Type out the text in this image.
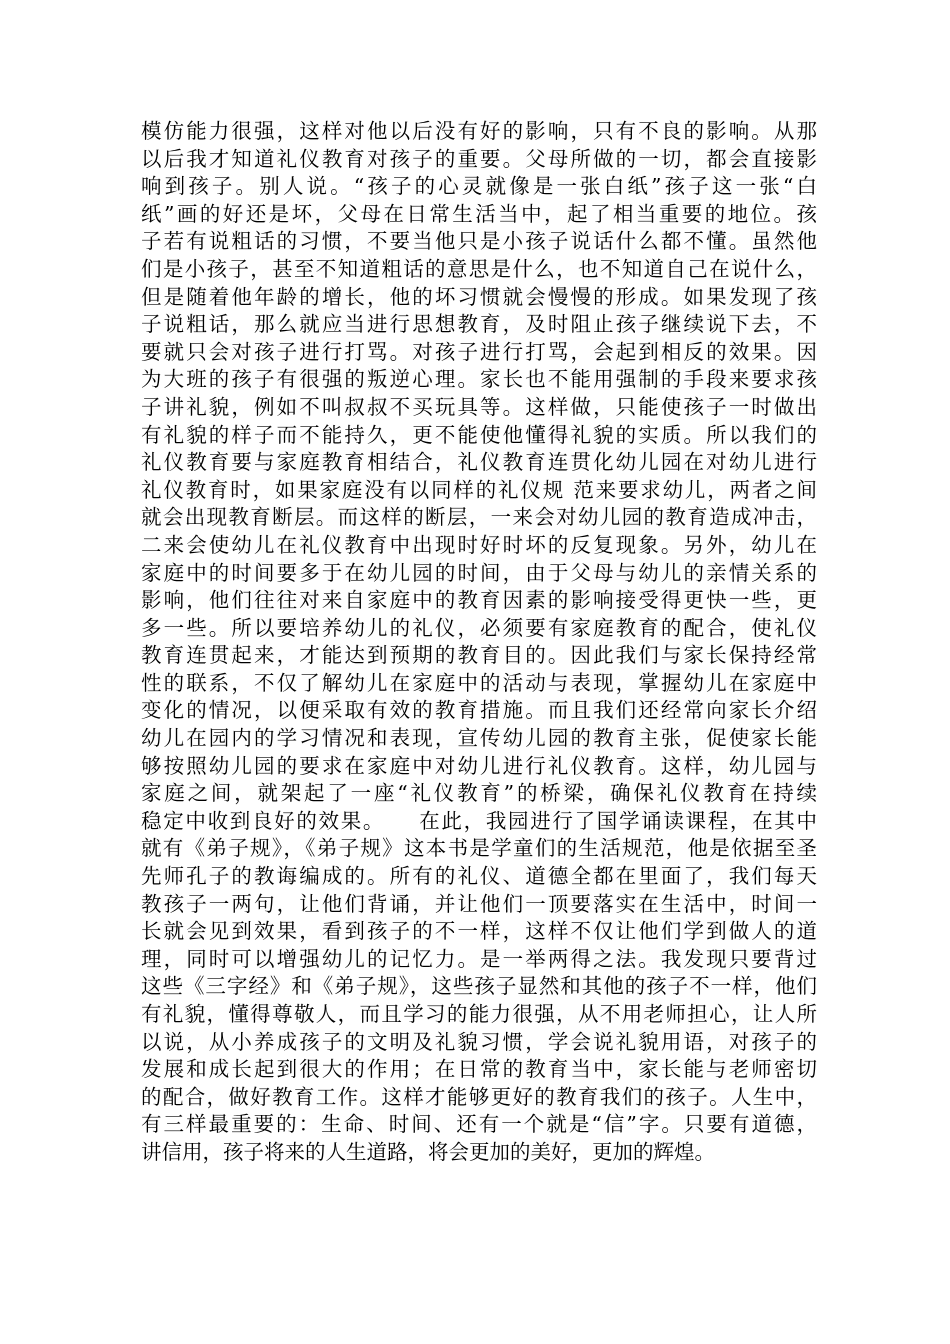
模仿能力很强，这样对他以后没有好的影响，只有不良的影响。从那
以后我才知道礼仪教育对孩子的重要。父母所做的一切，都会直接影
响到孩子。别人说。“孩子的心灵就像是一张白纸”孩子这一张“白
纸”画的好还是坏，父母在日常生活当中，起了相当重要的地位。孩
子若有说粗话的习惯，不要当他只是小孩子说话什么都不懂。虽然他
们是小孩子，甚至不知道粗话的意思是什么，也不知道自己在说什么，
但是随着他年龄的增长，他的坏习惯就会慢慢的形成。如果发现了孩
子说粗话，那么就应当进行思想教育，及时阻止孩子继续说下去，不
要就只会对孩子进行打骂。对孩子进行打骂，会起到相反的效果。因
为大班的孩子有很强的叛逆心理。家长也不能用强制的手段来要求孩
子讲礼貌，例如不叫叔叔不买玩具等。这样做，只能使孩子一时做出
有礼貌的样子而不能持久，更不能使他懂得礼貌的实质。所以我们的
礼仪教育要与家庭教育相结合，礼仪教育连贯化幼儿园在对幼儿进行
礼仪教育时，如果家庭没有以同样的礼仪规 范来要求幼儿，两者之间
就会出现教育断层。而这样的断层，一来会对幼儿园的教育造成冲击，
二来会使幼儿在礼仪教育中出现时好时坏的反复现象。另外，幼儿在
家庭中的时间要多于在幼儿园的时间，由于父母与幼儿的亲情关系的
影响，他们往往对来自家庭中的教育因素的影响接受得更快一些，更
多一些。所以要培养幼儿的礼仪，必须要有家庭教育的配合，使礼仪
教育连贯起来，才能达到预期的教育目的。因此我们与家长保持经常
性的联系，不仅了解幼儿在家庭中的活动与表现，掌握幼儿在家庭中
变化的情况，以便采取有效的教育措施。而且我们还经常向家长介绍
幼儿在园内的学习情况和表现，宣传幼儿园的教育主张，促使家长能
够按照幼儿园的要求在家庭中对幼儿进行礼仪教育。这样，幼儿园与
家庭之间，就架起了一座“礼仪教育”的桥梁，确保礼仪教育在持续
稳定中收到良好的效果。　　在此，我园进行了国学诵读课程，在其中
就有《弟子规》，《弟子规》这本书是学童们的生活规范，他是依据至圣
先师孔子的教诲编成的。所有的礼仪、道德全都在里面了，我们每天
教孩子一两句，让他们背诵，并让他们一顶要落实在生活中，时间一
长就会见到效果，看到孩子的不一样，这样不仅让他们学到做人的道
理，同时可以增强幼儿的记忆力。是一举两得之法。我发现只要背过
这些《三字经》和《弟子规》，这些孩子显然和其他的孩子不一样，他们
有礼貌，懂得尊敬人，而且学习的能力很强，从不用老师担心，让人所
以说，从小养成孩子的文明及礼貌习惯，学会说礼貌用语，对孩子的
发展和成长起到很大的作用；在日常的教育当中，家长能与老师密切
的配合，做好教育工作。这样才能够更好的教育我们的孩子。人生中，
有三样最重要的：生命、时间、还有一个就是“信”字。只要有道德，
讲信用，孩子将来的人生道路，将会更加的美好，更加的辉煌。
